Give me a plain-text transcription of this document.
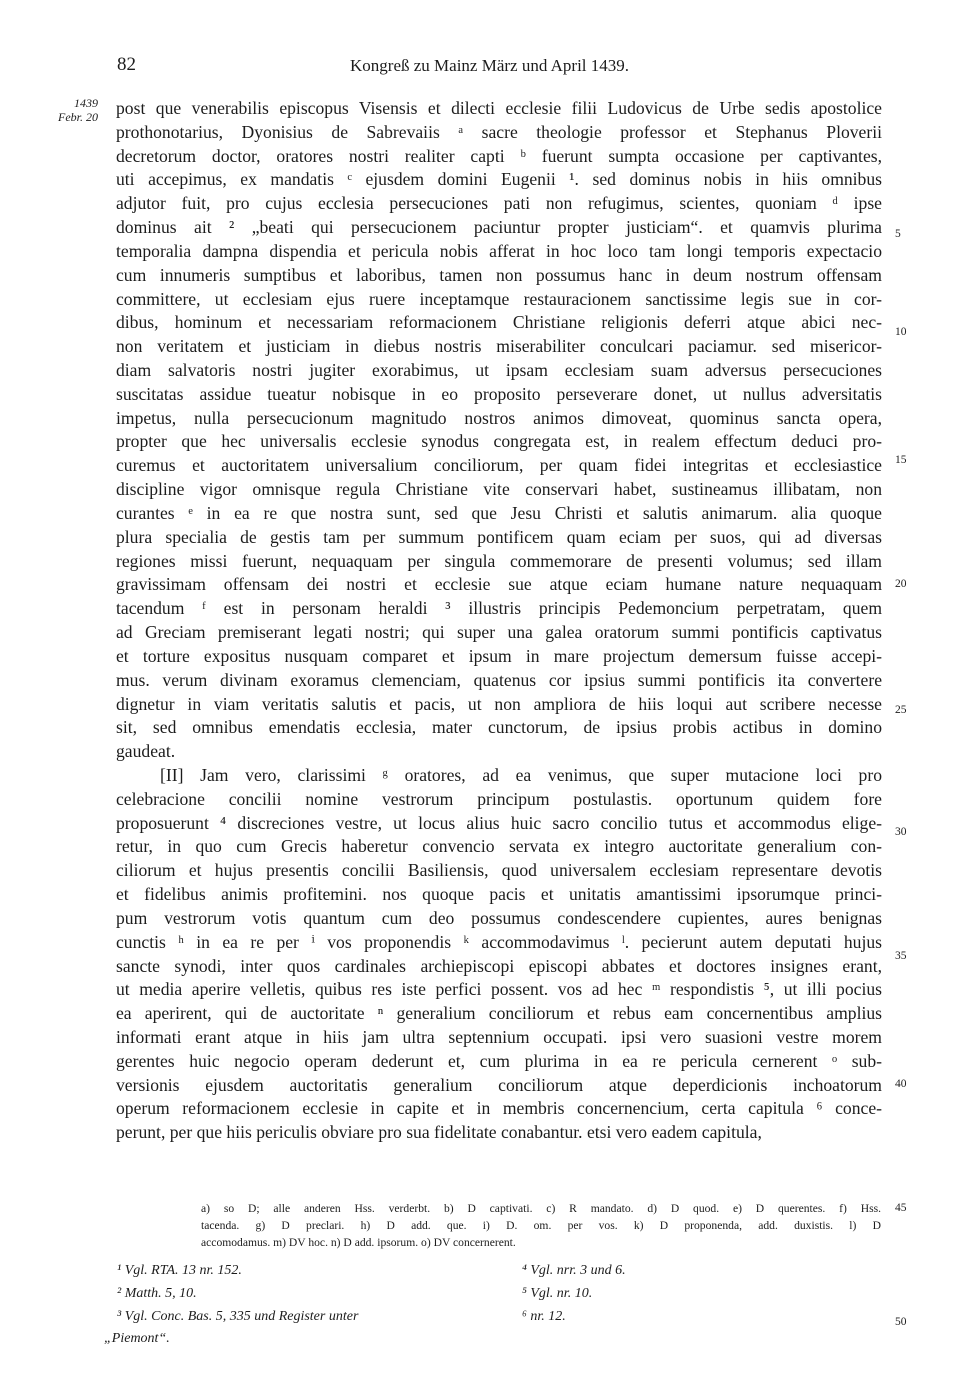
82	Kongreß zu Mainz März und April 1439.
1439
Febr. 20 post que venerabilis episcopus Visensis et dilecti ecclesie filii Ludovicus de Urbe sedis apostolice
prothonotarius, Dyonisius de Sabrevaiis ᵃ sacre theologie professor et Stephanus Ploverii
decretorum doctor, oratores nostri realiter capti ᵇ fuerunt sumpta occasione per captivantes,
uti accepimus, ex mandatis ᶜ ejusdem domini Eugenii ¹. sed dominus nobis in hiis omnibus
adjutor fuit, pro cujus ecclesia persecuciones pati non refugimus, scientes, quoniam ᵈ ipse
dominus ait ² „beati qui persecucionem paciuntur propter justiciam“. et quamvis plurima
temporalia dampna dispendia et pericula nobis afferat in hoc loco tam longi temporis expectacio
cum innumeris sumptibus et laboribus, tamen non possumus hanc in deum nostrum offensam
committere, ut ecclesiam ejus ruere inceptamque restauracionem sanctissime legis sue in cor-
dibus, hominum et necessariam reformacionem Christiane religionis deferri atque abici nec-
non veritatem et justiciam in diebus nostris miserabiliter conculcari paciamur. sed misericor-
diam salvatoris nostri jugiter exorabimus, ut ipsam ecclesiam suam adversus persecuciones
suscitatas assidue tueatur nobisque in eo proposito perseverare donet, ut nullus adversitatis
impetus, nulla persecucionum magnitudo nostros animos dimoveat, quominus sancta opera,
propter que hec universalis ecclesie synodus congregata est, in realem effectum deduci pro-
curemus et auctoritatem universalium conciliorum, per quam fidei integritas et ecclesiastice
discipline vigor omnisque regula Christiane vite conservari habet, sustineamus illibatam, non
curantes ᵉ in ea re que nostra sunt, sed que Jesu Christi et salutis animarum. alia quoque
plura specialia de gestis tam per summum pontificem quam eciam per suos, qui ad diversas
regiones missi fuerunt, nequaquam per singula commemorare de presenti volumus; sed illam
gravissimam offensam dei nostri et ecclesie sue atque eciam humane nature nequaquam
tacendum ᶠ est in personam heraldi ³ illustris principis Pedemoncium perpetratam, quem
ad Greciam premiserant legati nostri; qui super una galea oratorum summi pontificis captivatus
et torture expositus nusquam comparet et ipsum in mare projectum demersum fuisse accepi-
mus. verum divinam exoramus clemenciam, quatenus cor ipsius summi pontificis ita convertere
dignetur in viam veritatis salutis et pacis, ut non ampliora de hiis loqui aut scribere necesse
sit, sed omnibus emendatis ecclesia, mater cunctorum, de ipsius probis actibus in domino
gaudeat.
[II] Jam vero, clarissimi ᵍ oratores, ad ea venimus, que super mutacione loci pro
celebracione concilii nomine vestrorum principum postulastis. oportunum quidem fore
proposuerunt ⁴ discreciones vestre, ut locus alius huic sacro concilio tutus et accommodus elige-
retur, in quo cum Grecis haberetur convencio servata ex integro auctoritate generalium con-
ciliorum et hujus presentis concilii Basiliensis, quod universalem ecclesiam representare devotis
et fidelibus animis profitemini. nos quoque pacis et unitatis amantissimi ipsorumque princi-
pum vestrorum votis quantum cum deo possumus condescendere cupientes, aures benignas
cunctis ʰ in ea re per ⁱ vos proponendis ᵏ accommodavimus ˡ. pecierunt autem deputati hujus
sancte synodi, inter quos cardinales archiepiscopi episcopi abbates et doctores insignes erant,
ut media aperire velletis, quibus res iste perfici possent. vos ad hec ᵐ respondistis ⁵, ut illi pocius
ea aperirent, qui de auctoritate ⁿ generalium conciliorum et rebus eam concernentibus amplius
informati erant atque in hiis jam ultra septennium occupati. ipsi vero suasioni vestre morem
gerentes huic negocio operam dederunt et, cum plurima in ea re pericula cernerent ᵒ sub-
versionis ejusdem auctoritatis generalium conciliorum atque deperdicionis inchoatorum
operum reformacionem ecclesie in capite et in membris concernencium, certa capitula ⁶ conce-
perunt, per que hiis periculis obviare pro sua fidelitate conabantur. etsi vero eadem capitula,
5
10
15
20
25
30
35
40
45
50
a) so D; alle anderen Hss. verderbt. b) D captivati. c) R mandato. d) D quod. e) D querentes. f) Hss.
tacenda. g) D preclari. h) D add. que. i) D. om. per vos. k) D proponenda, add. duxistis. l) D
accomodamus. m) DV hoc. n) D add. ipsorum. o) DV concernerent.
¹ Vgl. RTA. 13 nr. 152.
² Matth. 5, 10.
³ Vgl. Conc. Bas. 5, 335 und Register unter
„Piemont“.
⁴ Vgl. nrr. 3 und 6.
⁵ Vgl. nr. 10.
⁶ nr. 12.
